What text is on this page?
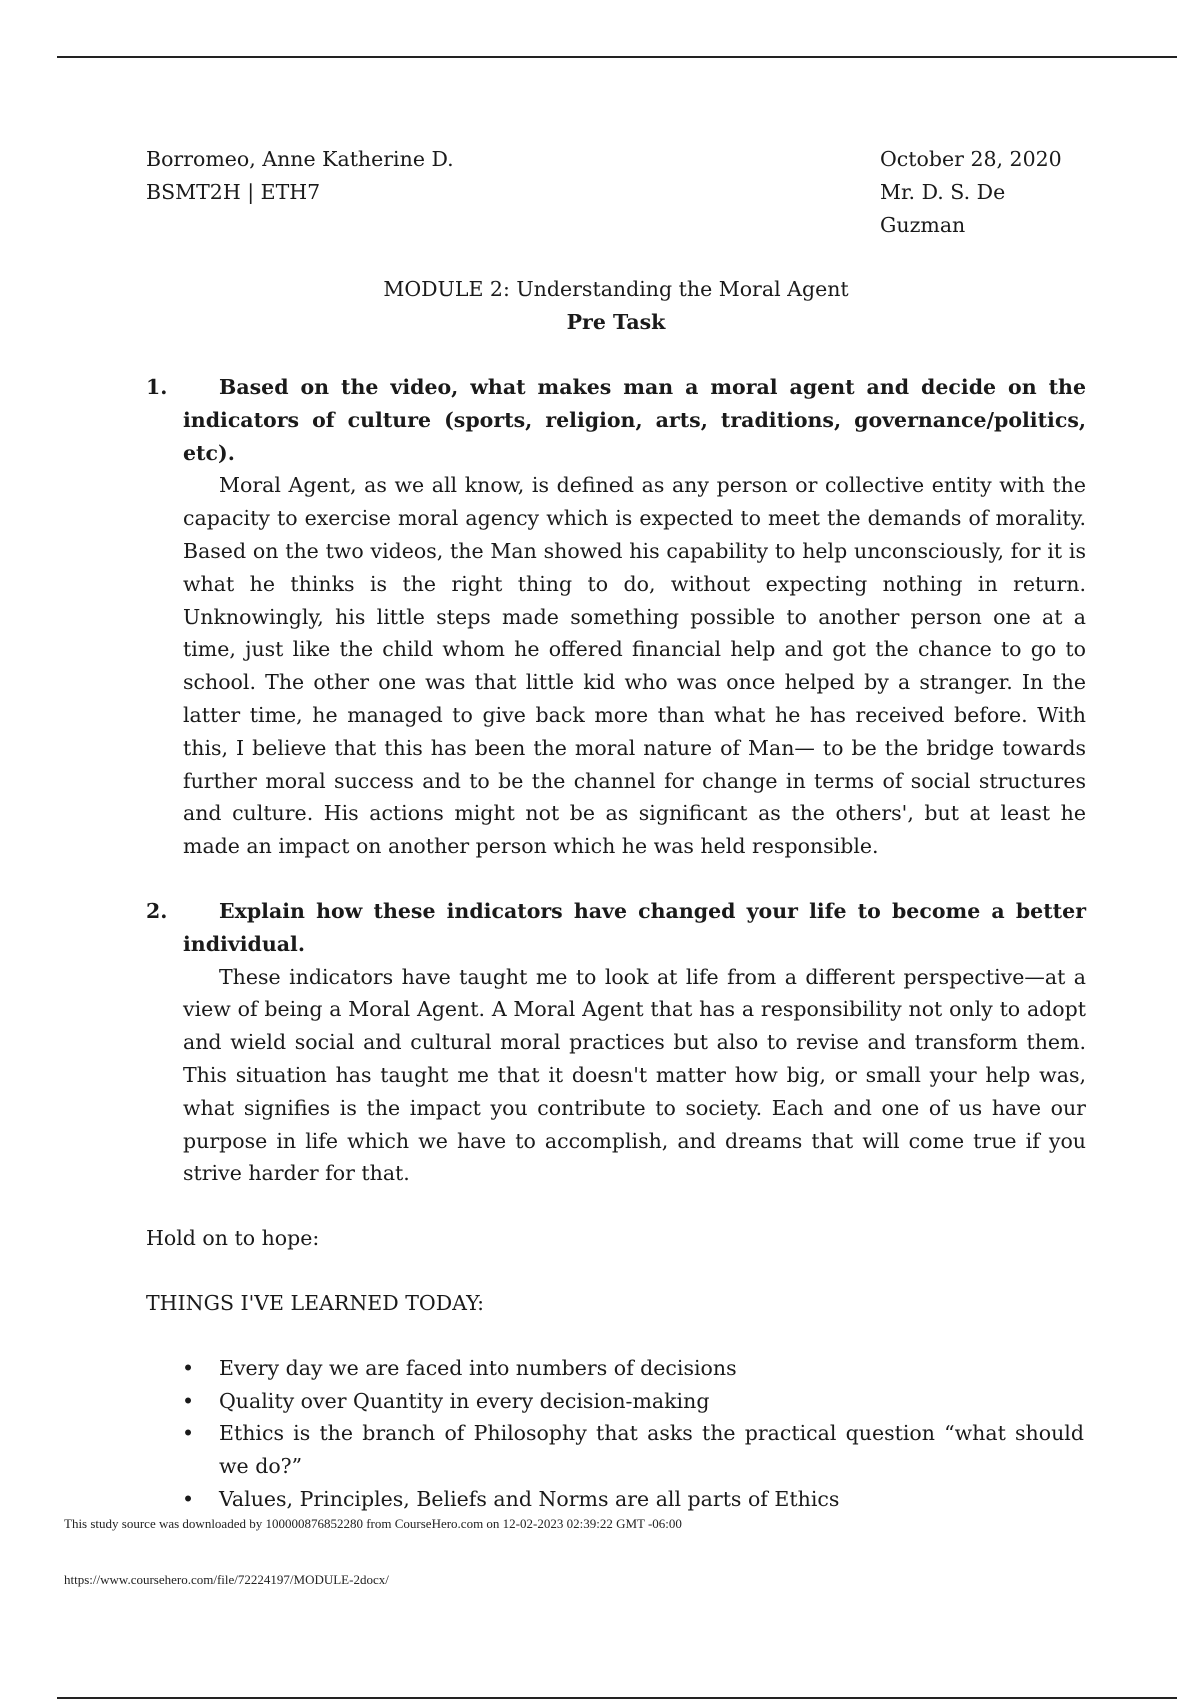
Borromeo, Anne Katherine D.
BSMT2H | ETH7
October 28, 2020
Mr. D. S. De Guzman
MODULE 2: Understanding the Moral Agent
Pre Task
1.	Based on the video, what makes man a moral agent and decide on the indicators of culture (sports, religion, arts, traditions, governance/politics, etc).
Moral Agent, as we all know, is defined as any person or collective entity with the capacity to exercise moral agency which is expected to meet the demands of morality. Based on the two videos, the Man showed his capability to help unconsciously, for it is what he thinks is the right thing to do, without expecting nothing in return. Unknowingly, his little steps made something possible to another person one at a time, just like the child whom he offered financial help and got the chance to go to school. The other one was that little kid who was once helped by a stranger. In the latter time, he managed to give back more than what he has received before. With this, I believe that this has been the moral nature of Man— to be the bridge towards further moral success and to be the channel for change in terms of social structures and culture. His actions might not be as significant as the others', but at least he made an impact on another person which he was held responsible.
2.	Explain how these indicators have changed your life to become a better individual.
These indicators have taught me to look at life from a different perspective—at a view of being a Moral Agent. A Moral Agent that has a responsibility not only to adopt and wield social and cultural moral practices but also to revise and transform them. This situation has taught me that it doesn't matter how big, or small your help was, what signifies is the impact you contribute to society. Each and one of us have our purpose in life which we have to accomplish, and dreams that will come true if you strive harder for that.
Hold on to hope:
THINGS I'VE LEARNED TODAY:
• Every day we are faced into numbers of decisions
• Quality over Quantity in every decision-making
• Ethics is the branch of Philosophy that asks the practical question “what should we do?”
• Values, Principles, Beliefs and Norms are all parts of Ethics
This study source was downloaded by 100000876852280 from CourseHero.com on 12-02-2023 02:39:22 GMT -06:00
https://www.coursehero.com/file/72224197/MODULE-2docx/
